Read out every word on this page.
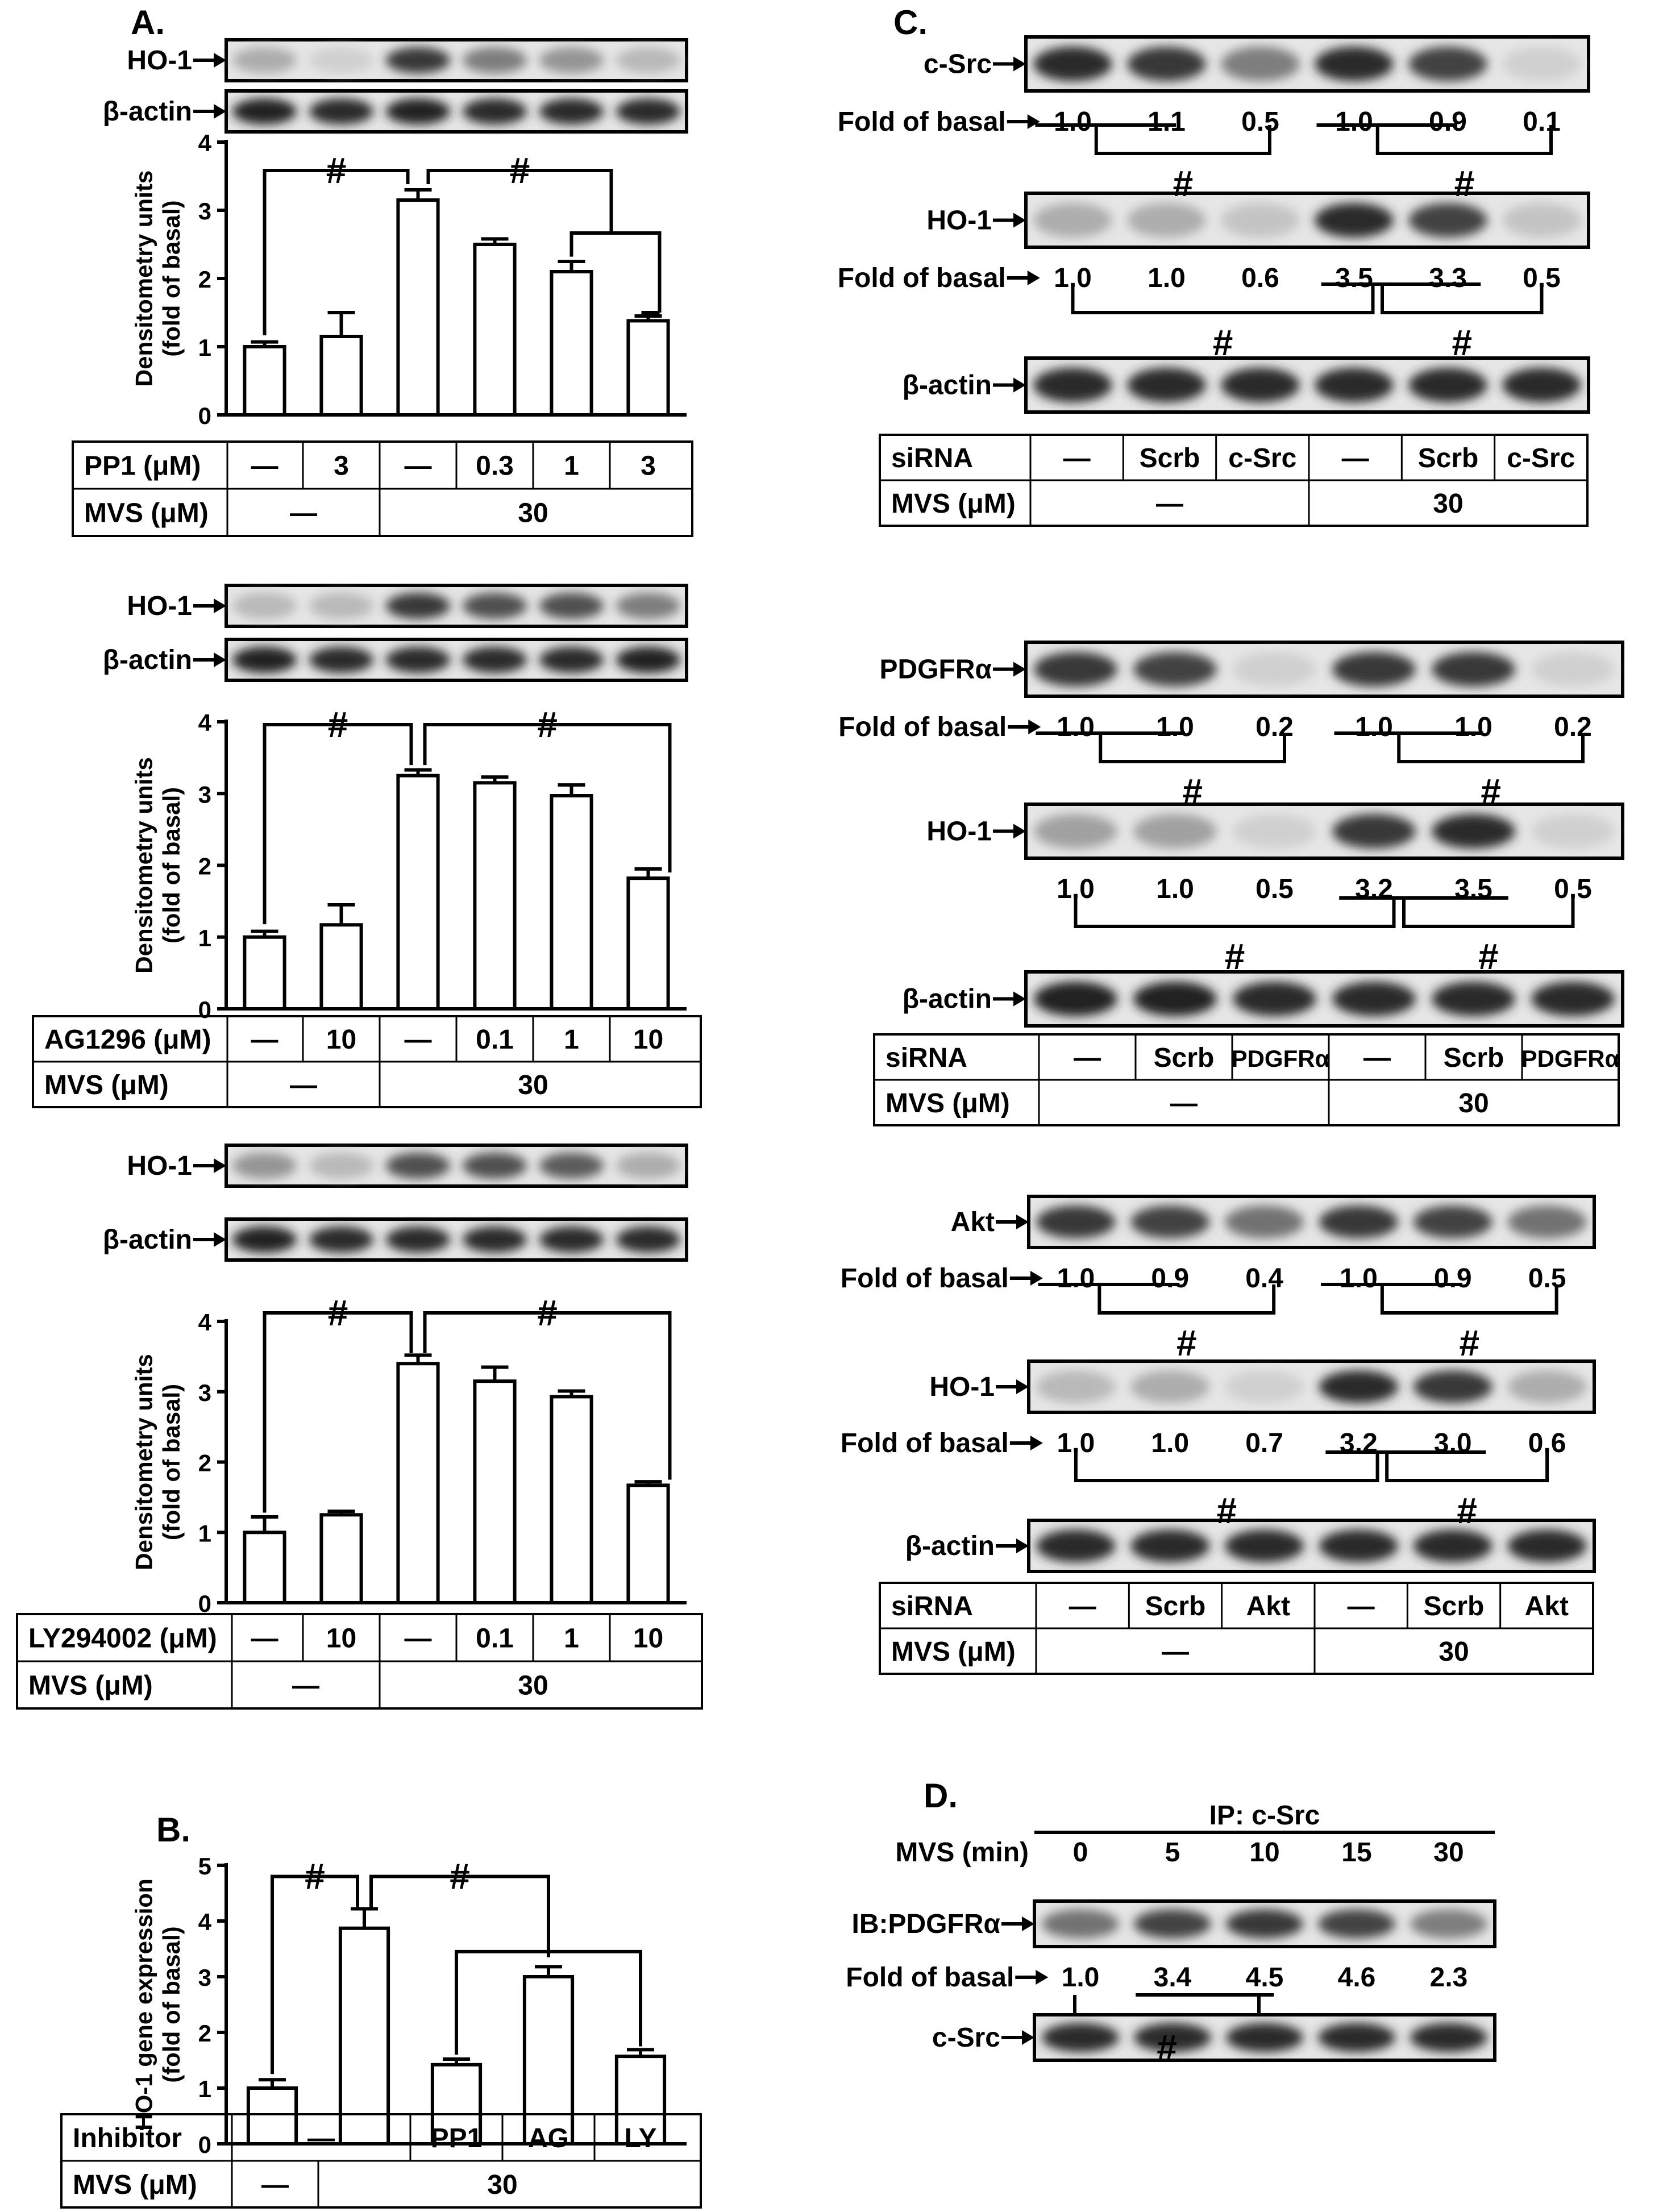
A.
HO-1
β-actin
0
1
2
3
4
Densitometry units(fold of basal)
#	#
PP1 (μM) — 3 — 0.3 1 3
MVS (μM)	—	30
HO-1
β-actin
0
1
2
3
4
Densitometry units(fold of basal)
#	#
AG1296 (μM) — 10 — 0.1 1 10
MVS (μM)	—	30
HO-1
β-actin
0
1
2
3
4
Densitometry units(fold of basal)
#	#
LY294002 (μM) — 10 — 0.1 1 10
MVS (μM)	—	30
B.
0
1
2
3
4
5
HO-1 gene expression(fold of basal)
#	#
Inhibitor	—	PP1 AG LY
MVS (μM) —	30
C.
c-Src
Fold of basal 1.0 1.1 0.5 1.0 0.9 0.1
HO-1
Fold of basal 1.0 1.0 0.6 3.5 3.3 0.5
β-actin
#	#
#	#
siRNA	— Scrb c-Src — Scrb c-Src
MVS (μM)	—	30
PDGFRα
Fold of basal 1.0 1.0 0.2 1.0 1.0 0.2
HO-1
1.0 1.0 0.5 3.2 3.5 0.5
β-actin
#	#
#	#
siRNA	— Scrb PDGFRα — Scrb PDGFRα
MVS (μM)	—	30
Akt
Fold of basal 1.0 0.9 0.4 1.0 0.9 0.5
HO-1
Fold of basal 1.0 1.0 0.7 3.2 3.0 0.6
β-actin
#	#
#	#
siRNA	— Scrb Akt — Scrb Akt
MVS (μM)	—	30
D.
IP: c-Src
MVS (min) 0	5	10 15 30
IB:PDGFRα
Fold of basal 1.0 3.4 4.5 4.6 2.3
c-Src	#
